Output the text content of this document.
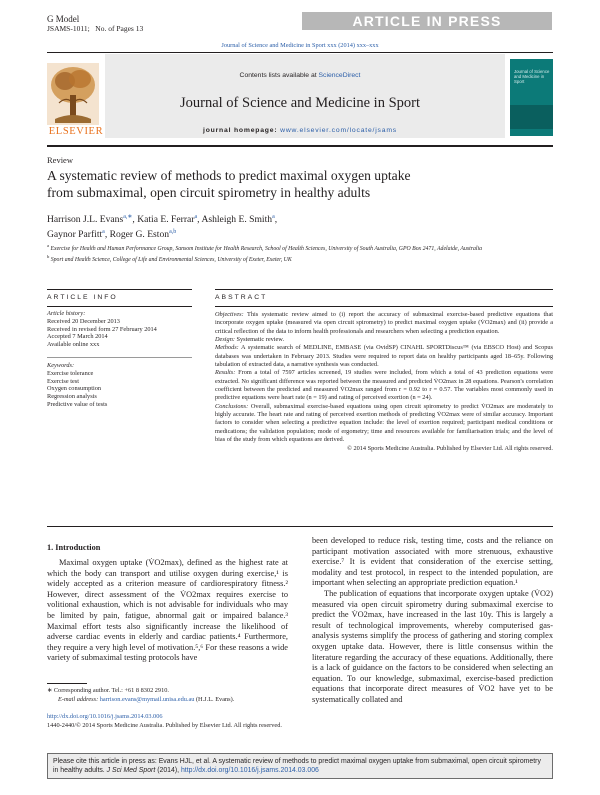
G Model
JSAMS-1011; No. of Pages 13	ARTICLE IN PRESS
Journal of Science and Medicine in Sport xxx (2014) xxx–xxx
ELSEVIER
Contents lists available at ScienceDirect
Journal of Science and Medicine in Sport
journal homepage: www.elsevier.com/locate/jsams
Journal of Science and Medicine in Sport
Review
A systematic review of methods to predict maximal oxygen uptake
from submaximal, open circuit spirometry in healthy adults
Harrison J.L. Evans$^{a,∗}$, Katia E. Ferrar$^a$, Ashleigh E. Smith$^a$,
Gaynor Parfitt$^a$, Roger G. Eston$^{a,b}$
$^a$ Exercise for Health and Human Performance Group, Sansom Institute for Health Research, School of Health Sciences, University of South Australia, GPO Box 2471, Adelaide, Australia
$^b$ Sport and Health Science, College of Life and Environmental Sciences, University of Exeter, Exeter, UK
ARTICLE INFO	ABSTRACT
Article history:
Received 20 December 2013
Received in revised form 27 February 2014
Accepted 7 March 2014
Available online xxx
Keywords:
Exercise tolerance
Exercise test
Oxygen consumption
Regression analysis
Predictive value of tests
Objectives: This systematic review aimed to (i) report the accuracy of submaximal exercise-based predictive equations that incorporate oxygen uptake (measured via open circuit spirometry) to predict maximal oxygen uptake (V̇O2max) and (ii) provide a critical reflection of the data to inform health professionals and researchers when selecting a prediction equation.
Design: Systematic review.
Methods: A systematic search of MEDLINE, EMBASE (via OvidSP) CINAHL SPORTDiscus™ (via EBSCO Host) and Scopus databases was undertaken in February 2013. Studies were required to report data on healthy participants aged 18–65y. Following tabulation of extracted data, a narrative synthesis was conducted.
Results: From a total of 7597 articles screened, 19 studies were included, from which a total of 43 prediction equations were extracted. No significant difference was reported between the measured and predicted V̇O2max in 28 equations. Pearson's correlation coefficient between the predicted and measured V̇O2max ranged from r = 0.92 to r = 0.57. The variables most commonly used in predictive equations were heart rate (n = 19) and rating of perceived exertion (n = 24).
Conclusions: Overall, submaximal exercise-based equations using open circuit spirometry to predict V̇O2max are moderately to highly accurate. The heart rate and rating of perceived exertion methods of predicting V̇O2max were of similar accuracy. Important factors to consider when selecting a predictive equation include: the level of exertion required; participant medical conditions or medications; the validation population; mode of ergometry; time and resources available for familiarisation trials; and the level of bias of the study from which equations are derived.
© 2014 Sports Medicine Australia. Published by Elsevier Ltd. All rights reserved.
1. Introduction

Maximal oxygen uptake (V̇O2max), defined as the highest rate at which the body can transport and utilise oxygen during exercise,¹ is widely accepted as a criterion measure of cardiorespiratory fitness.² However, direct assessment of the V̇O2max requires exercise to volitional exhaustion, which is not advisable for individuals who may be limited by pain, fatigue, abnormal gait or impaired balance.³ Maximal effort tests also significantly increase the likelihood of adverse cardiac events in elderly and cardiac patients.⁴ Furthermore, they require a very high level of motivation.⁵,⁶ For these reasons a wide variety of submaximal testing protocols have

been developed to reduce risk, testing time, costs and the reliance on participant motivation associated with more strenuous, exhaustive exercise.⁷ It is evident that consideration of the exercise setting, modality and test protocol, in respect to the intended population, are important when selecting an appropriate prediction equation.¹

The publication of equations that incorporate oxygen uptake (V̇O2) measured via open circuit spirometry during submaximal exercise to predict the V̇O2max, have increased in the last 10y. This is largely a result of technological improvements, whereby computerised gas-analysis systems simplify the process of gathering and storing complex oxygen uptake data. However, there is little consensus within the literature regarding the accuracy of these equations. Additionally, there is a lack of guidance on the factors to be considered when selecting an equation. To our knowledge, submaximal, exercise-based prediction equations that incorporate direct measures of V̇O2 have yet to be systematically collated and

∗ Corresponding author. Tel.: +61 8 8302 2910.
E-mail address: harrison.evans@mymail.unisa.edu.au (H.J.L. Evans).
http://dx.doi.org/10.1016/j.jsams.2014.03.006
1440-2440/© 2014 Sports Medicine Australia. Published by Elsevier Ltd. All rights reserved.
Please cite this article in press as: Evans HJL, et al. A systematic review of methods to predict maximal oxygen uptake from submaximal, open circuit spirometry in healthy adults. J Sci Med Sport (2014), http://dx.doi.org/10.1016/j.jsams.2014.03.006
